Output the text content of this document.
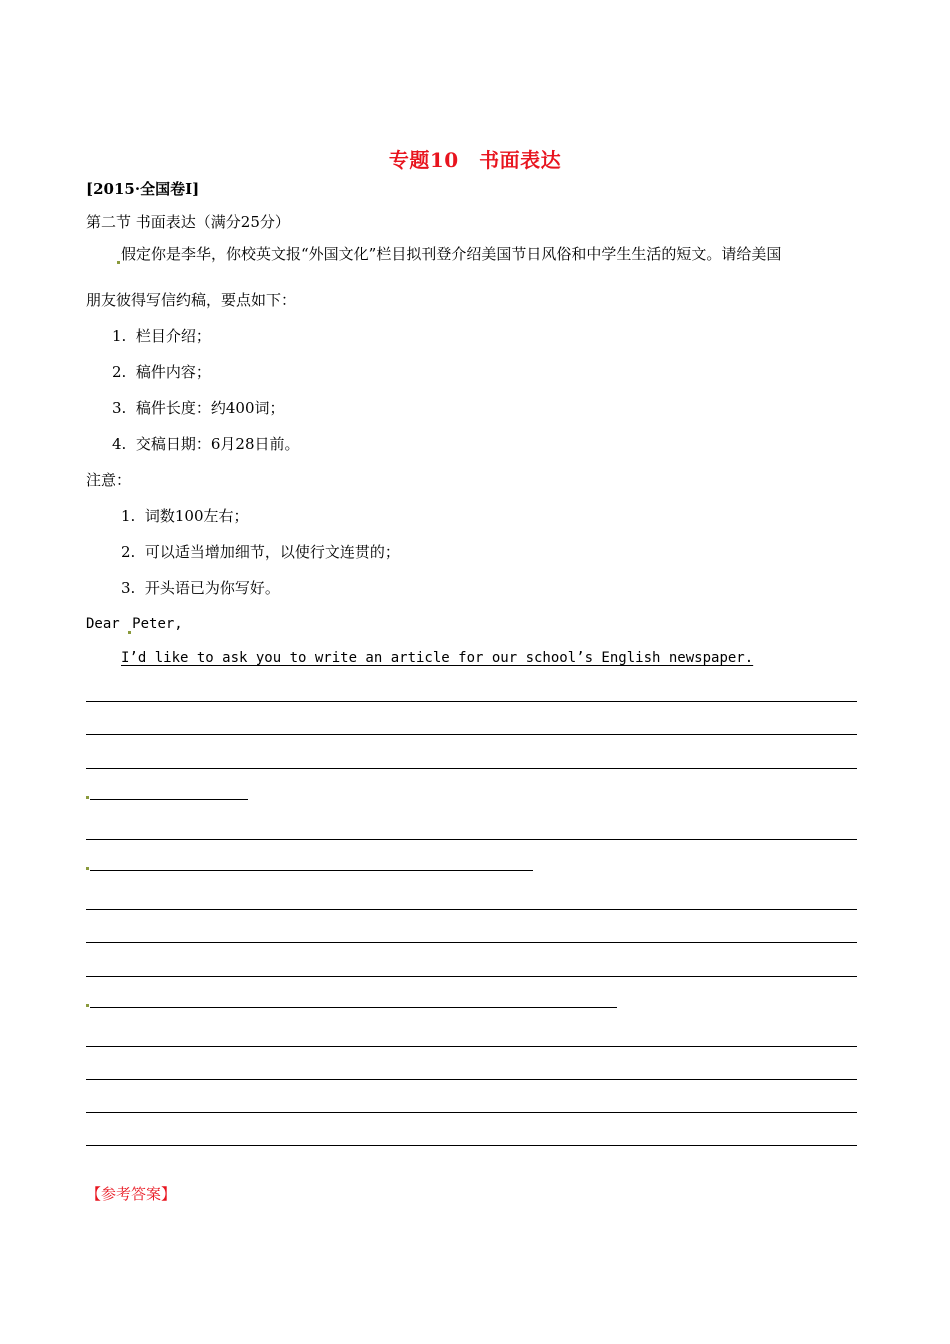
专题10　书面表达
[2015·全国卷Ⅰ]
第二节 书面表达（满分25分）
假定你是李华，你校英文报“外国文化”栏目拟刊登介绍美国节日风俗和中学生生活的短文。请给美国
朋友彼得写信约稿，要点如下：
1. 栏目介绍；
2. 稿件内容；
3. 稿件长度：约400词；
4. 交稿日期：6月28日前。
注意：
1. 词数100左右；
2. 可以适当增加细节，以使行文连贯的；
3. 开头语已为你写好。
Dear Peter,
I’d like to ask you to write an article for our school’s English newspaper.
【参考答案】
